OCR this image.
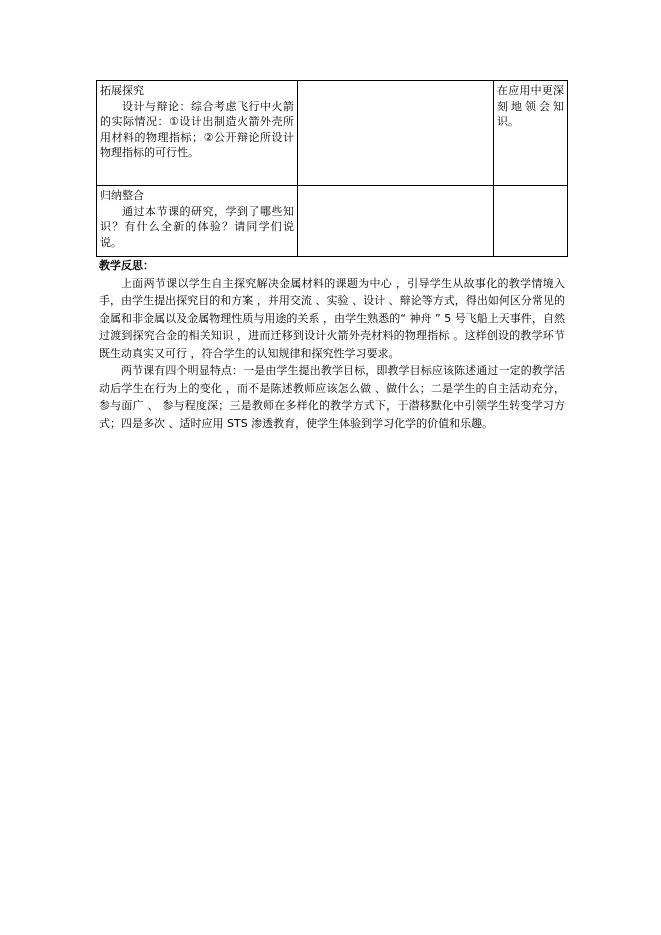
拓展探究
设计与辩论：综合考虑飞行中火箭的实际情况：①设计出制造火箭外壳所用材料的物理指标；②公开辩论所设计物理指标的可行性。		在应用中更深刻地领会知识。

归纳整合
通过本节课的研究，学到了哪些知识？有什么全新的体验？请同学们说说。		

教学反思：

上面两节课以学生自主探究解决金属材料的课题为中心 ，引导学生从故事化的教学情境入手，由学生提出探究目的和方案 ，并用交流 、实验 、设计 、辩论等方式，得出如何区分常见的金属和非金属以及金属物理性质与用途的关系 ，由学生熟悉的“ 神舟 ” 5 号飞船上天事件，自然过渡到探究合金的相关知识 ，进而迁移到设计火箭外壳材料的物理指标 。这样创设的教学环节既生动真实又可行 ，符合学生的认知规律和探究性学习要求。

两节课有四个明显特点：一是由学生提出教学目标，即教学目标应该陈述通过一定的教学活动后学生在行为上的变化 ，而不是陈述教师应该怎么做 、做什么；二是学生的自主活动充分，参与面广 、 参与程度深；三是教师在多样化的教学方式下，于潜移默化中引领学生转变学习方式；四是多次 、适时应用 STS 渗透教育，使学生体验到学习化学的价值和乐趣。
